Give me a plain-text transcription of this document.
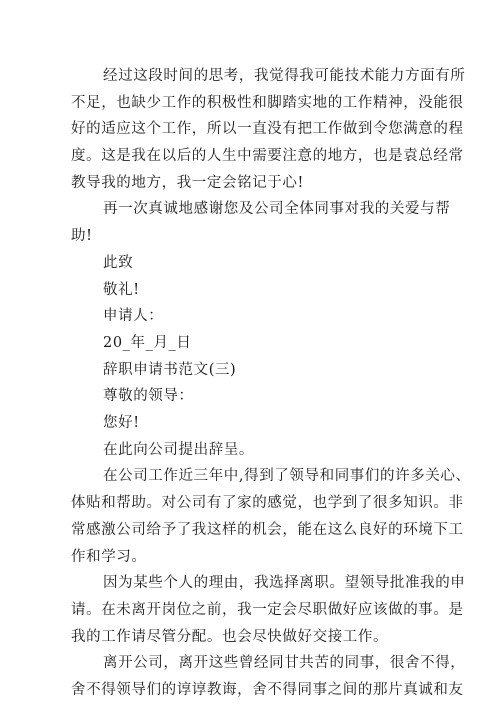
经过这段时间的思考，我觉得我可能技术能力方面有所
不足，也缺少工作的积极性和脚踏实地的工作精神，没能很
好的适应这个工作，所以一直没有把工作做到令您满意的程
度。这是我在以后的人生中需要注意的地方，也是袁总经常
教导我的地方，我一定会铭记于心!
再一次真诚地感谢您及公司全体同事对我的关爱与帮
助!
此致
敬礼!
申请人：
20_年_月_日
辞职申请书范文(三)
尊敬的领导：
您好!
在此向公司提出辞呈。
在公司工作近三年中,得到了领导和同事们的许多关心、
体贴和帮助。对公司有了家的感觉，也学到了很多知识。非
常感激公司给予了我这样的机会，能在这么良好的环境下工
作和学习。
因为某些个人的理由，我选择离职。望领导批准我的申
请。在未离开岗位之前，我一定会尽职做好应该做的事。是
我的工作请尽管分配。也会尽快做好交接工作。
离开公司，离开这些曾经同甘共苦的同事，很舍不得，
舍不得领导们的谆谆教诲，舍不得同事之间的那片真诚和友
